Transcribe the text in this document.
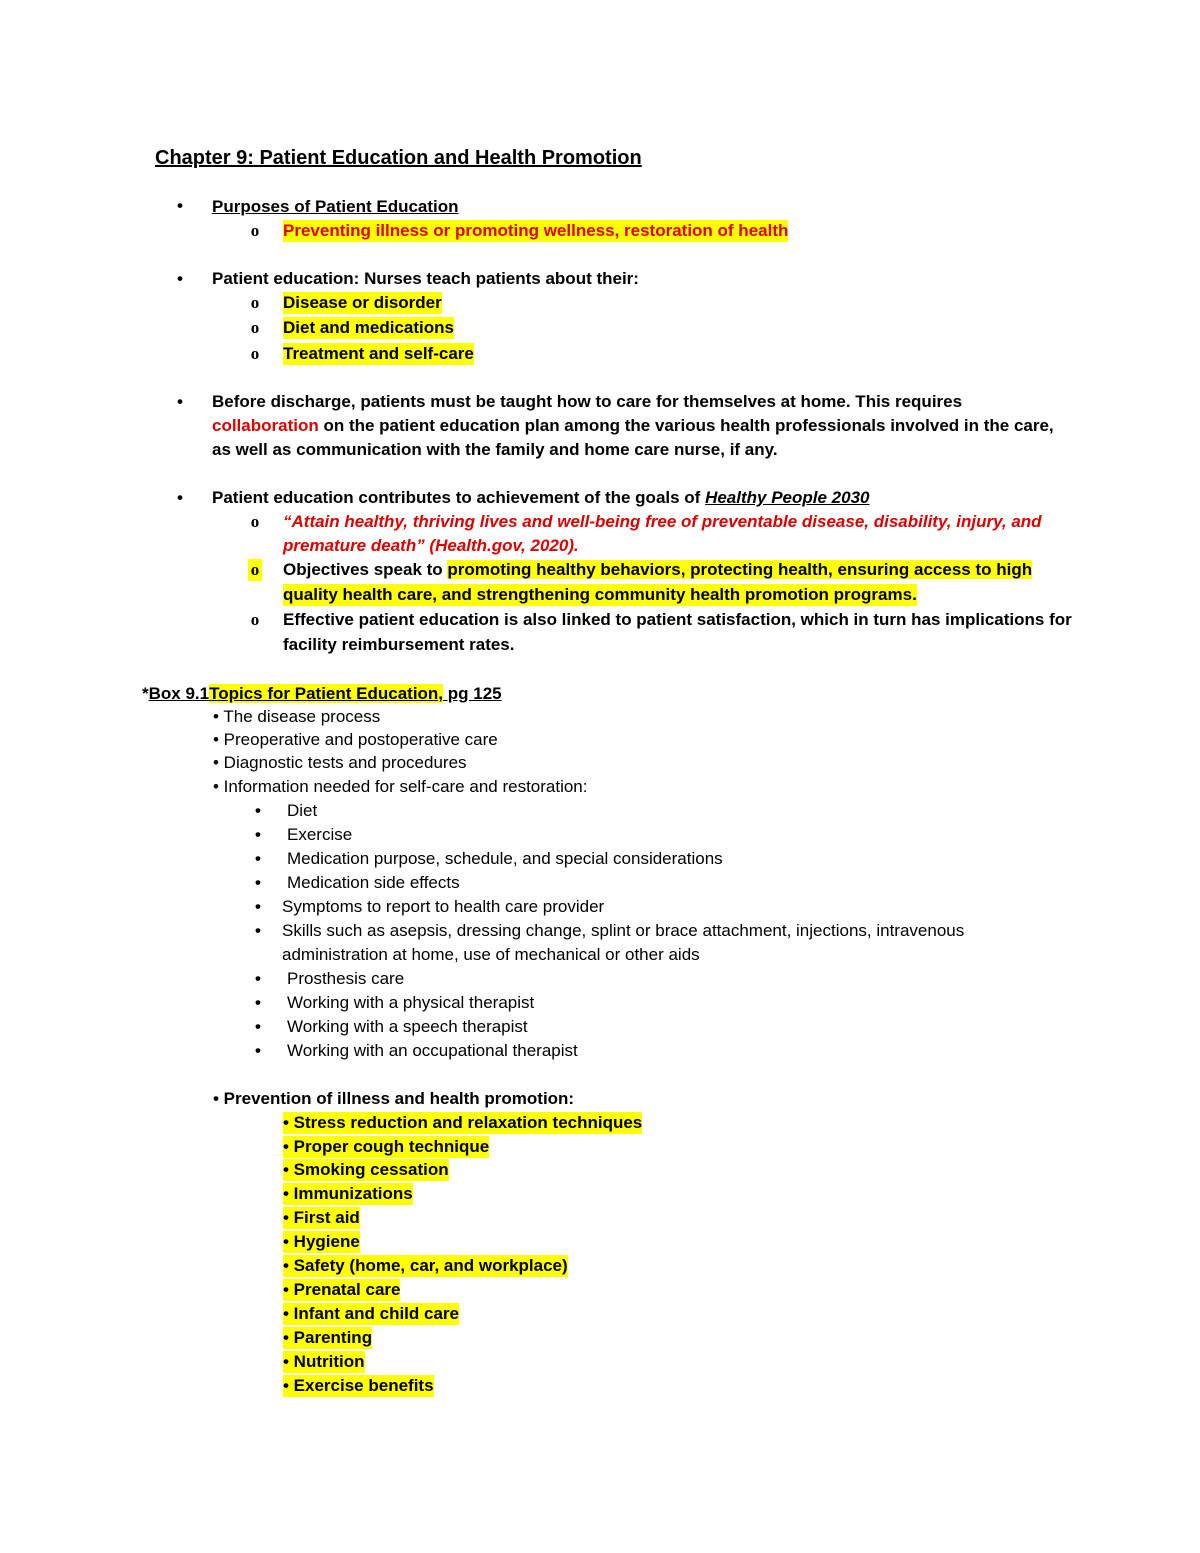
Chapter 9: Patient Education and Health Promotion
• Purposes of Patient Education
o Preventing illness or promoting wellness, restoration of health
• Patient education: Nurses teach patients about their:
o Disease or disorder
o Diet and medications
o Treatment and self-care
• Before discharge, patients must be taught how to care for themselves at home. This requires
collaboration on the patient education plan among the various health professionals involved in the care,
as well as communication with the family and home care nurse, if any.
• Patient education contributes to achievement of the goals of Healthy People 2030
o “Attain healthy, thriving lives and well-being free of preventable disease, disability, injury, and
premature death” (Health.gov, 2020).
o Objectives speak to promoting healthy behaviors, protecting health, ensuring access to high
quality health care, and strengthening community health promotion programs.
o Effective patient education is also linked to patient satisfaction, which in turn has implications for
facility reimbursement rates.
*Box 9.1Topics for Patient Education, pg 125
• The disease process
• Preoperative and postoperative care
• Diagnostic tests and procedures
• Information needed for self-care and restoration:
• Diet
• Exercise
• Medication purpose, schedule, and special considerations
• Medication side effects
• Symptoms to report to health care provider
• Skills such as asepsis, dressing change, splint or brace attachment, injections, intravenous
administration at home, use of mechanical or other aids
• Prosthesis care
• Working with a physical therapist
• Working with a speech therapist
• Working with an occupational therapist
• Prevention of illness and health promotion:
• Stress reduction and relaxation techniques
• Proper cough technique
• Smoking cessation
• Immunizations
• First aid
• Hygiene
• Safety (home, car, and workplace)
• Prenatal care
• Infant and child care
• Parenting
• Nutrition
• Exercise benefits
